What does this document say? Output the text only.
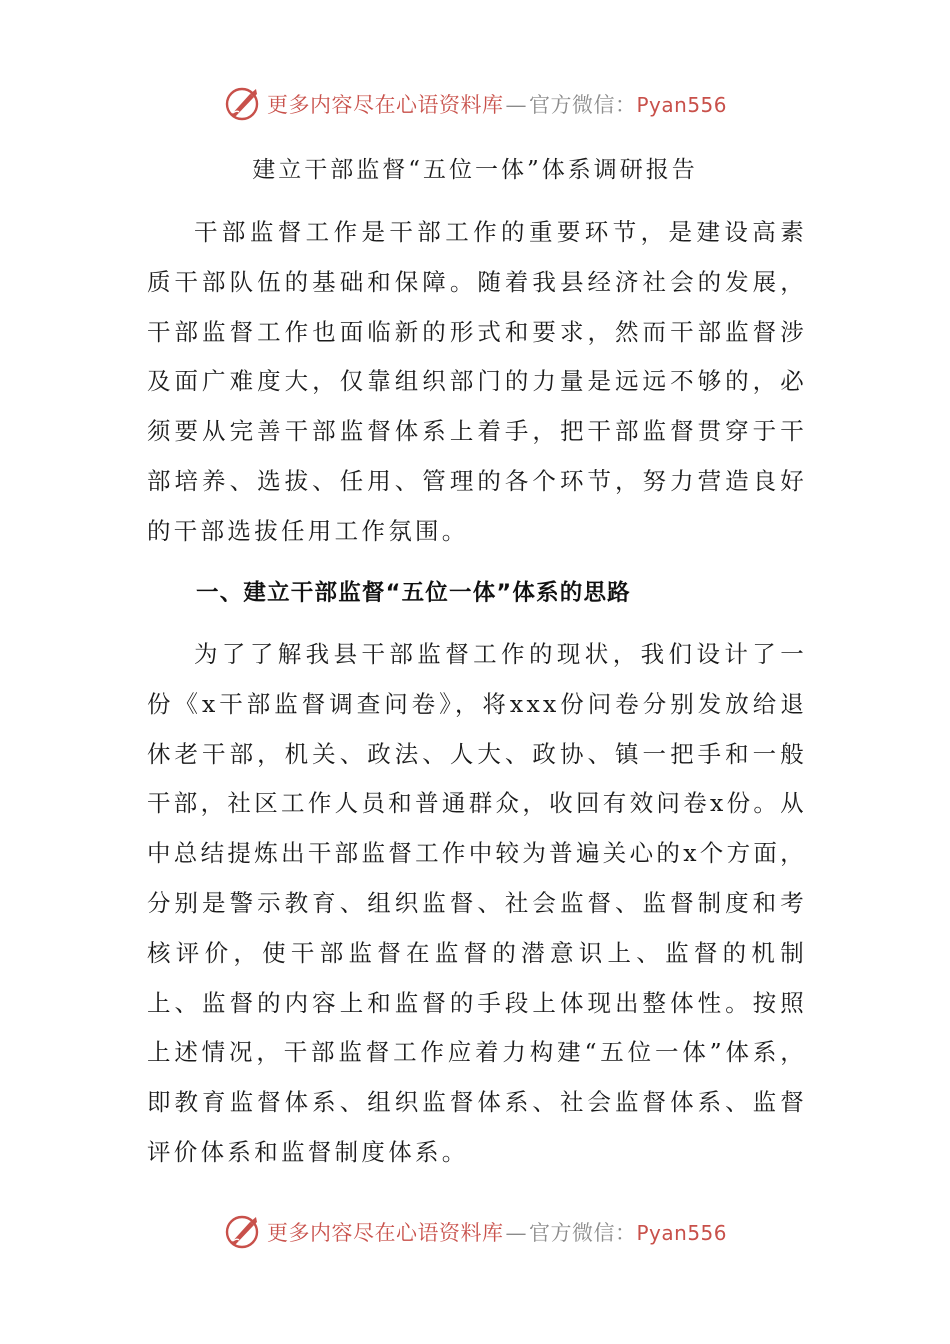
更多内容尽在心语资料库—官方微信：Pyan556
建立干部监督“五位一体”体系调研报告

干部监督工作是干部工作的重要环节，是建设高素质干部队伍的基础和保障。随着我县经济社会的发展，干部监督工作也面临新的形式和要求，然而干部监督涉及面广难度大，仅靠组织部门的力量是远远不够的，必须要从完善干部监督体系上着手，把干部监督贯穿于干部培养、选拔、任用、管理的各个环节，努力营造良好的干部选拔任用工作氛围。

一、建立干部监督“五位一体”体系的思路

为了了解我县干部监督工作的现状，我们设计了一份《x干部监督调查问卷》，将xxx份问卷分别发放给退休老干部，机关、政法、人大、政协、镇一把手和一般干部，社区工作人员和普通群众，收回有效问卷x份。从中总结提炼出干部监督工作中较为普遍关心的x个方面，分别是警示教育、组织监督、社会监督、监督制度和考核评价，使干部监督在监督的潜意识上、监督的机制上、监督的内容上和监督的手段上体现出整体性。按照上述情况，干部监督工作应着力构建“五位一体”体系，即教育监督体系、组织监督体系、社会监督体系、监督评价体系和监督制度体系。

更多内容尽在心语资料库—官方微信：Pyan556
